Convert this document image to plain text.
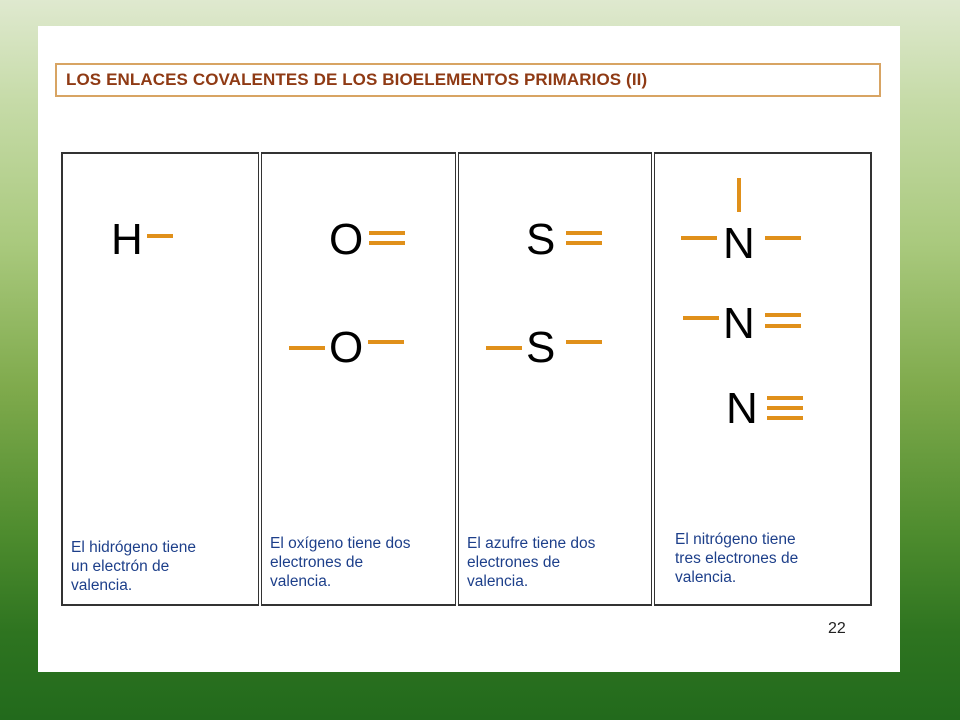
LOS ENLACES COVALENTES DE LOS BIOELEMENTOS PRIMARIOS (II)
H
El hidrógeno tiene
un electrón de
valencia.
O
O
El oxígeno tiene dos
electrones de
valencia.
S
S
El azufre tiene dos
electrones de
valencia.
N
N
N
El nitrógeno tiene
tres electrones de
valencia.
22
